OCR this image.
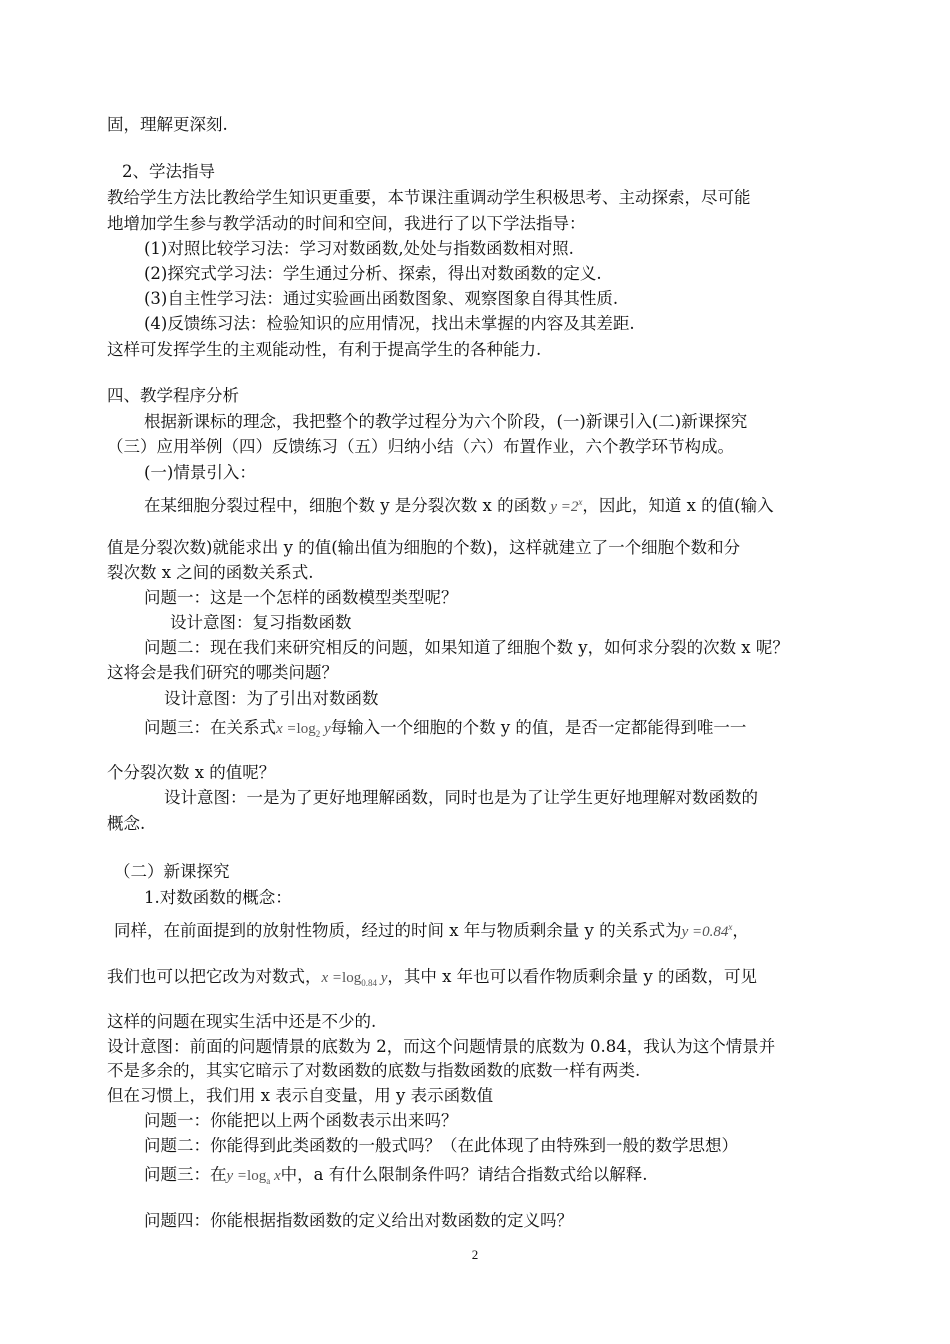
固，理解更深刻.
2、学法指导
教给学生方法比教给学生知识更重要，本节课注重调动学生积极思考、主动探索，尽可能
地增加学生参与教学活动的时间和空间，我进行了以下学法指导：
(1)对照比较学习法：学习对数函数,处处与指数函数相对照.
(2)探究式学习法：学生通过分析、探索，得出对数函数的定义.
(3)自主性学习法：通过实验画出函数图象、观察图象自得其性质.
(4)反馈练习法：检验知识的应用情况，找出未掌握的内容及其差距.
这样可发挥学生的主观能动性，有利于提高学生的各种能力.
四、教学程序分析
根据新课标的理念，我把整个的教学过程分为六个阶段，(一)新课引入(二)新课探究
（三）应用举例（四）反馈练习（五）归纳小结（六）布置作业，六个教学环节构成。
(一)情景引入：
在某细胞分裂过程中，细胞个数 y 是分裂次数 x 的函数 $y =2^x$，因此，知道 x 的值(输入
值是分裂次数)就能求出 y 的值(输出值为细胞的个数)，这样就建立了一个细胞个数和分
裂次数 x 之间的函数关系式.
问题一：这是一个怎样的函数模型类型呢？
设计意图：复习指数函数
问题二：现在我们来研究相反的问题，如果知道了细胞个数 y，如何求分裂的次数 x 呢？
这将会是我们研究的哪类问题？
设计意图：为了引出对数函数
问题三：在关系式$x =\log_2$ y每输入一个细胞的个数 y 的值，是否一定都能得到唯一一
个分裂次数 x 的值呢？
设计意图：一是为了更好地理解函数，同时也是为了让学生更好地理解对数函数的
概念.
（二）新课探究
1.对数函数的概念：
同样，在前面提到的放射性物质，经过的时间 x 年与物质剩余量 y 的关系式为$y =0.84^x$，
我们也可以把它改为对数式，$x =\log_{0.84}$ y，其中 x 年也可以看作物质剩余量 y 的函数，可见
这样的问题在现实生活中还是不少的.
设计意图：前面的问题情景的底数为 2，而这个问题情景的底数为 0.84，我认为这个情景并
不是多余的，其实它暗示了对数函数的底数与指数函数的底数一样有两类.
但在习惯上，我们用 x 表示自变量，用 y 表示函数值
问题一：你能把以上两个函数表示出来吗？
问题二：你能得到此类函数的一般式吗？（在此体现了由特殊到一般的数学思想）
问题三：在$y =\log_a$ x中，a 有什么限制条件吗？请结合指数式给以解释.
问题四：你能根据指数函数的定义给出对数函数的定义吗？
2
